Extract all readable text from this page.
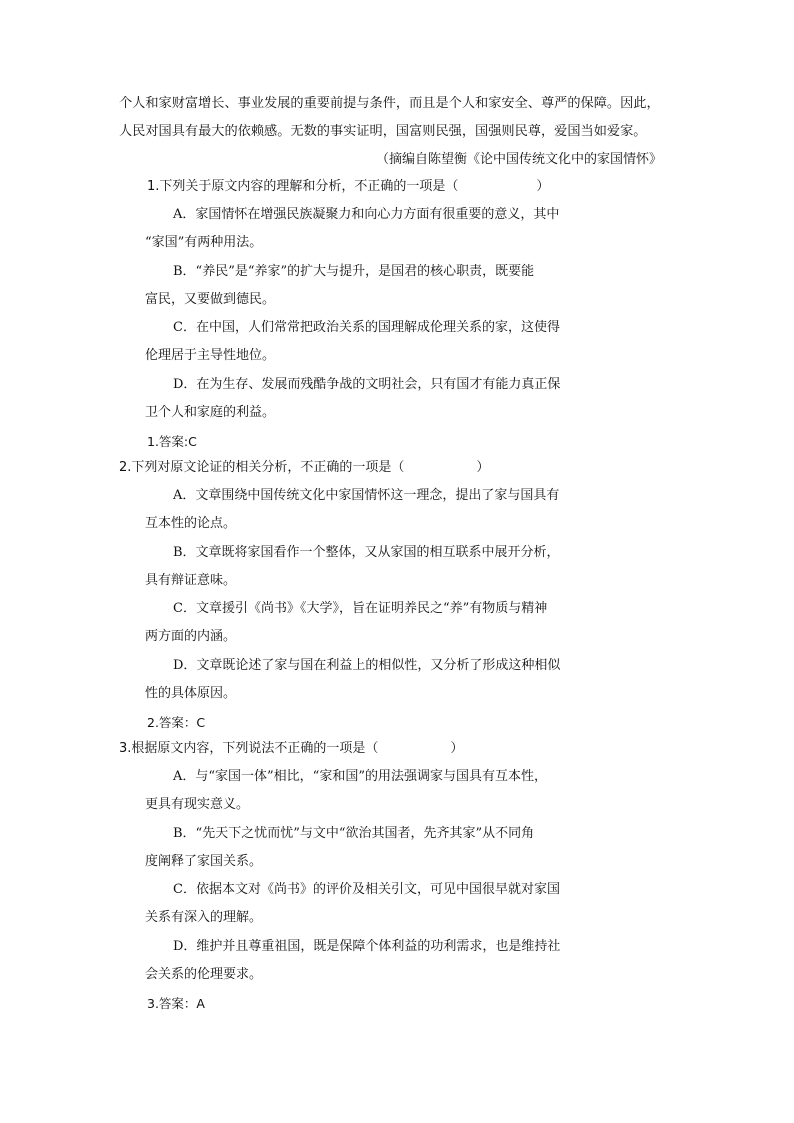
个人和家财富增长、事业发展的重要前提与条件，而且是个人和家安全、尊严的保障。因此，
人民对国具有最大的依赖感。无数的事实证明，国富则民强，国强则民尊，爱国当如爱家。
（摘编自陈望衡《论中国传统文化中的家国情怀》
1.下列关于原文内容的理解和分析，不正确的一项是（	）
A．家国情怀在增强民族凝聚力和向心力方面有很重要的意义，其中
“家国”有两种用法。
B．“养民”是“养家”的扩大与提升，是国君的核心职责，既要能
富民，又要做到德民。
C．在中国，人们常常把政治关系的国理解成伦理关系的家，这使得
伦理居于主导性地位。
D．在为生存、发展而残酷争战的文明社会，只有国才有能力真正保
卫个人和家庭的利益。
1.答案:C
2.下列对原文论证的相关分析，不正确的一项是（	）
A．文章围绕中国传统文化中家国情怀这一理念，提出了家与国具有
互本性的论点。
B．文章既将家国看作一个整体，又从家国的相互联系中展开分析，
具有辩证意味。
C．文章援引《尚书》《大学》，旨在证明养民之“养”有物质与精神
两方面的内涵。
D．文章既论述了家与国在利益上的相似性，又分析了形成这种相似
性的具体原因。
2.答案：C
3.根据原文内容，下列说法不正确的一项是（	）
A．与“家国一体”相比，“家和国”的用法强调家与国具有互本性，
更具有现实意义。
B．“先天下之忧而忧”与文中“欲治其国者，先齐其家”从不同角
度阐释了家国关系。
C．依据本文对《尚书》的评价及相关引文，可见中国很早就对家国
关系有深入的理解。
D．维护并且尊重祖国，既是保障个体利益的功利需求，也是维持社
会关系的伦理要求。
3.答案：A
